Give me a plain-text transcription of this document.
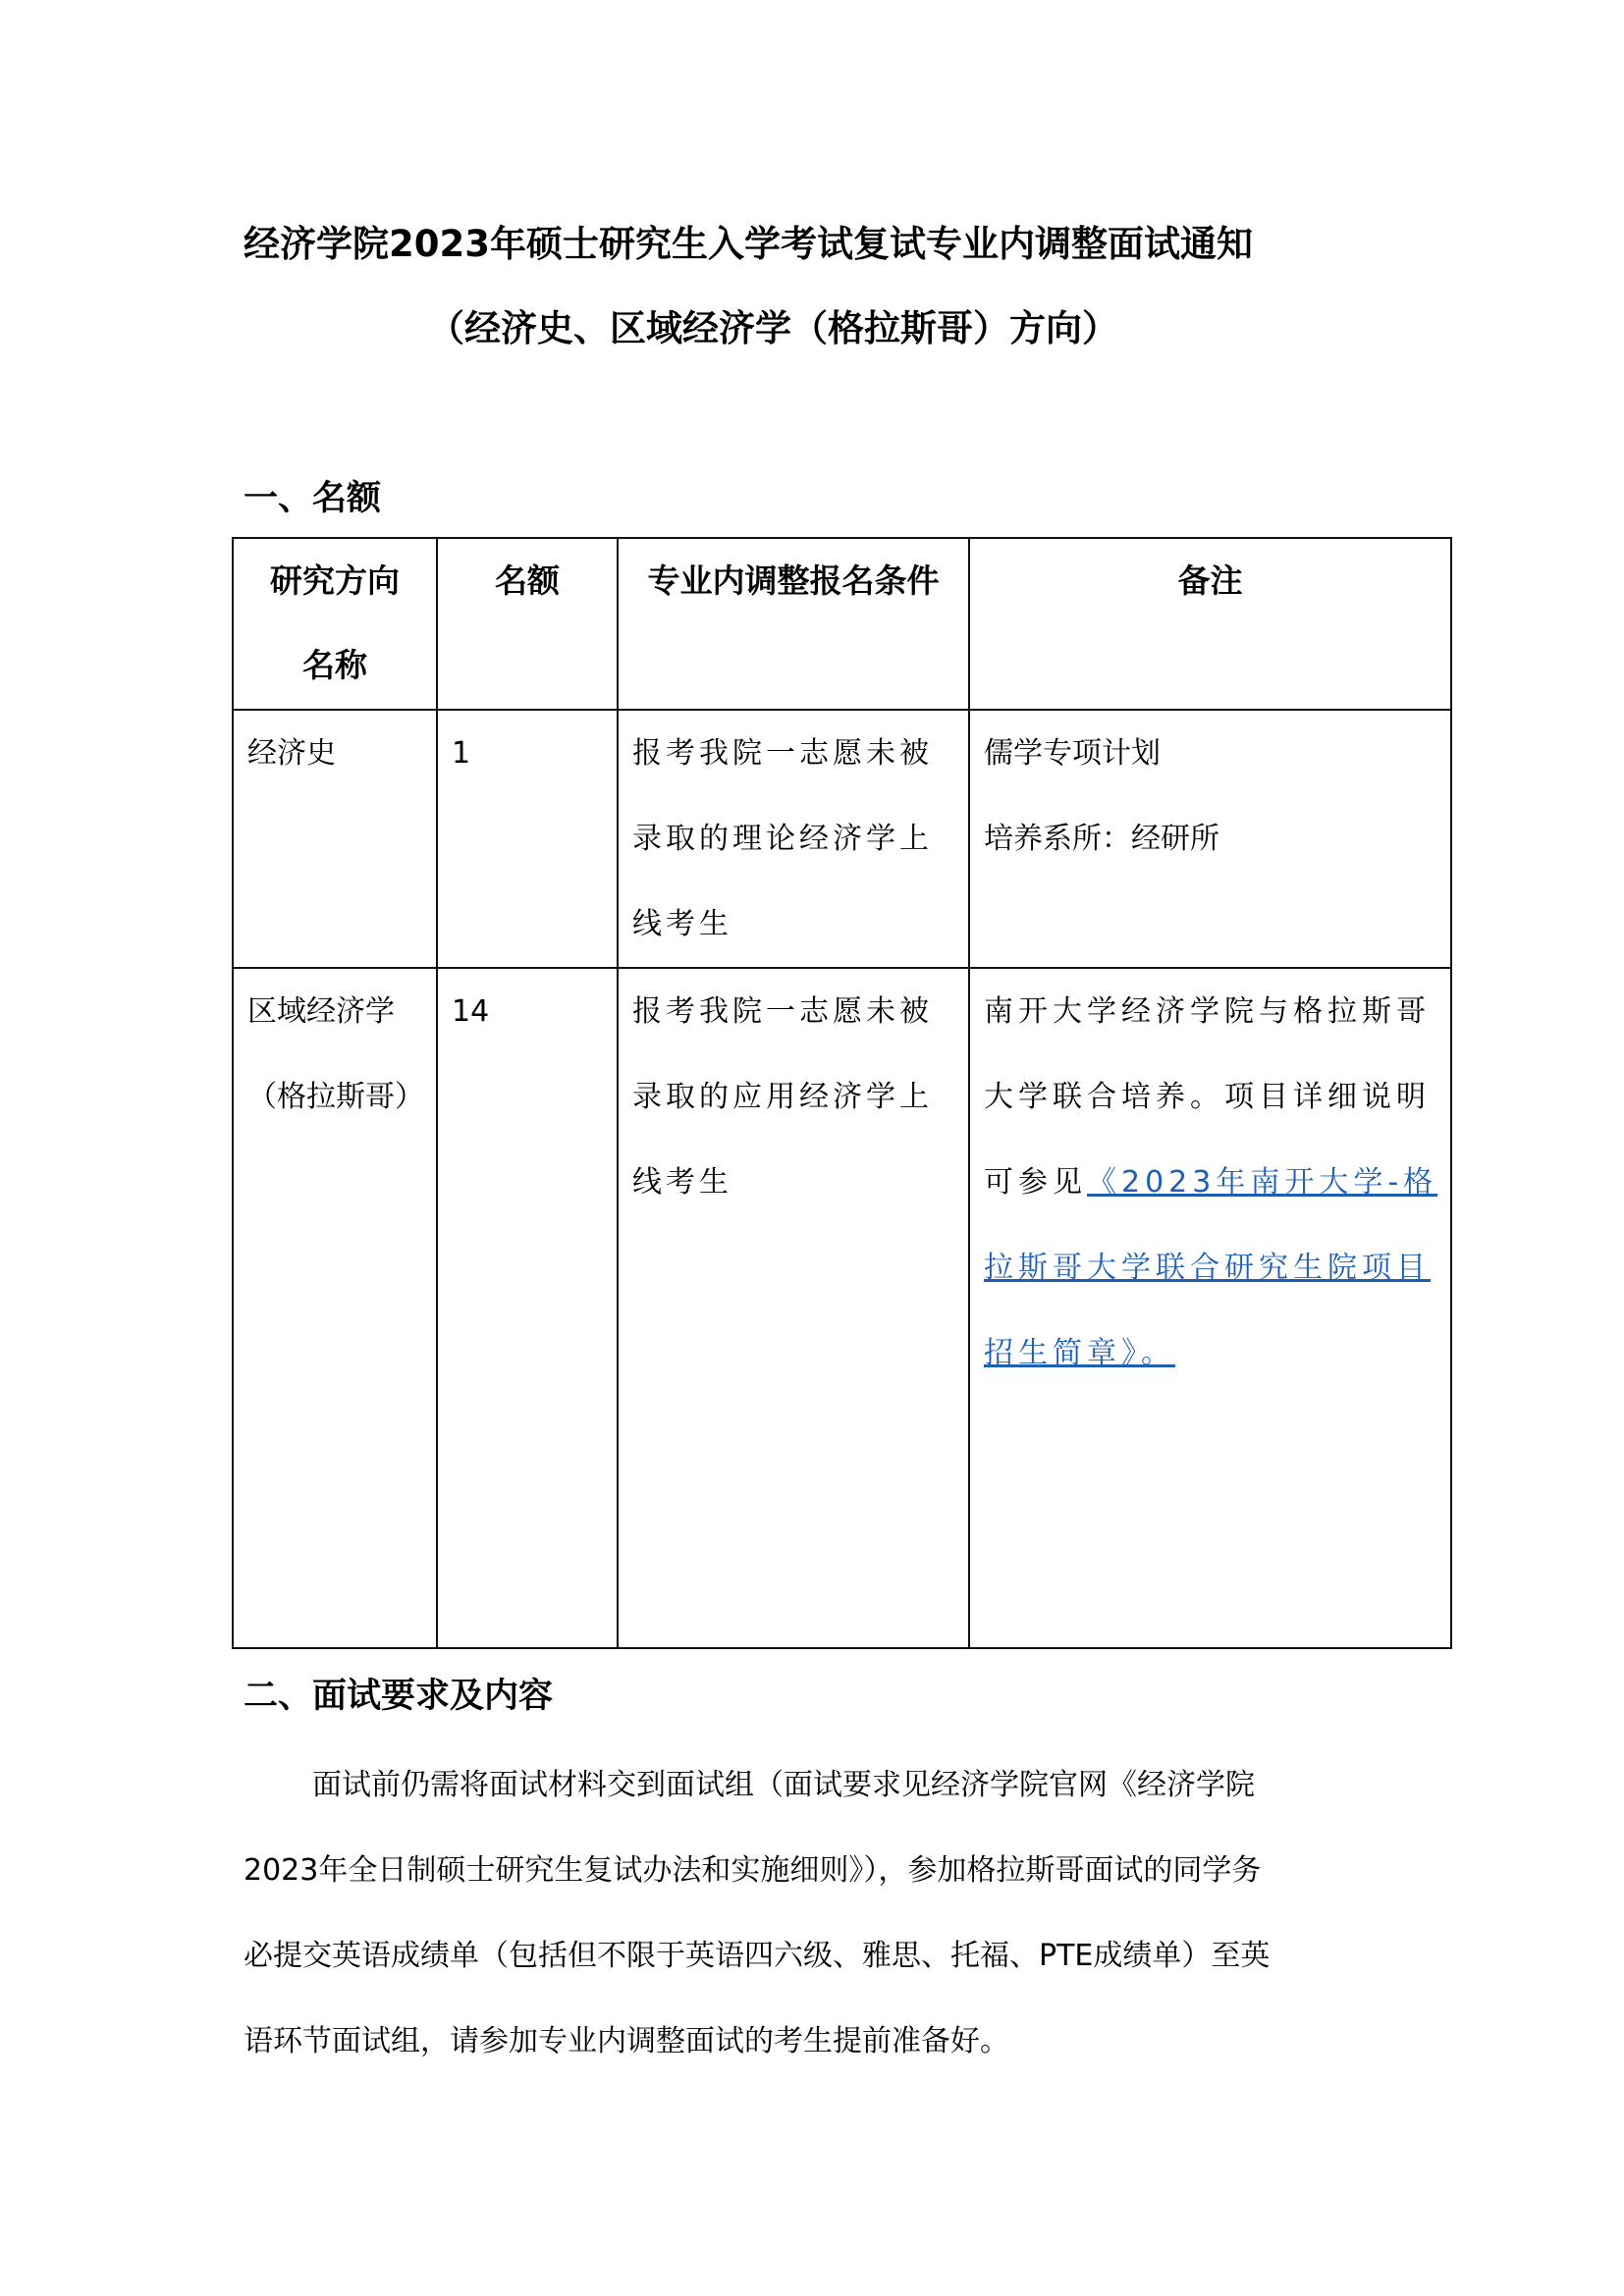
经济学院2023年硕士研究生入学考试复试专业内调整面试通知
（经济史、区域经济学（格拉斯哥）方向）
一、名额
研究方向名称	名额	专业内调整报名条件	备注

经济史	1	报考我院一志愿未被录取的理论经济学上线考生	儒学专项计划
培养系所：经研所

区域经济学（格拉斯哥）	14	报考我院一志愿未被录取的应用经济学上线考生	南开大学经济学院与格拉斯哥大学联合培养。项目详细说明可参见《2023年南开大学-格拉斯哥大学联合研究生院项目招生简章》。
二、面试要求及内容

面试前仍需将面试材料交到面试组（面试要求见经济学院官网《经济学院

2023年全日制硕士研究生复试办法和实施细则》），参加格拉斯哥面试的同学务

必提交英语成绩单（包括但不限于英语四六级、雅思、托福、PTE成绩单）至英

语环节面试组，请参加专业内调整面试的考生提前准备好。
